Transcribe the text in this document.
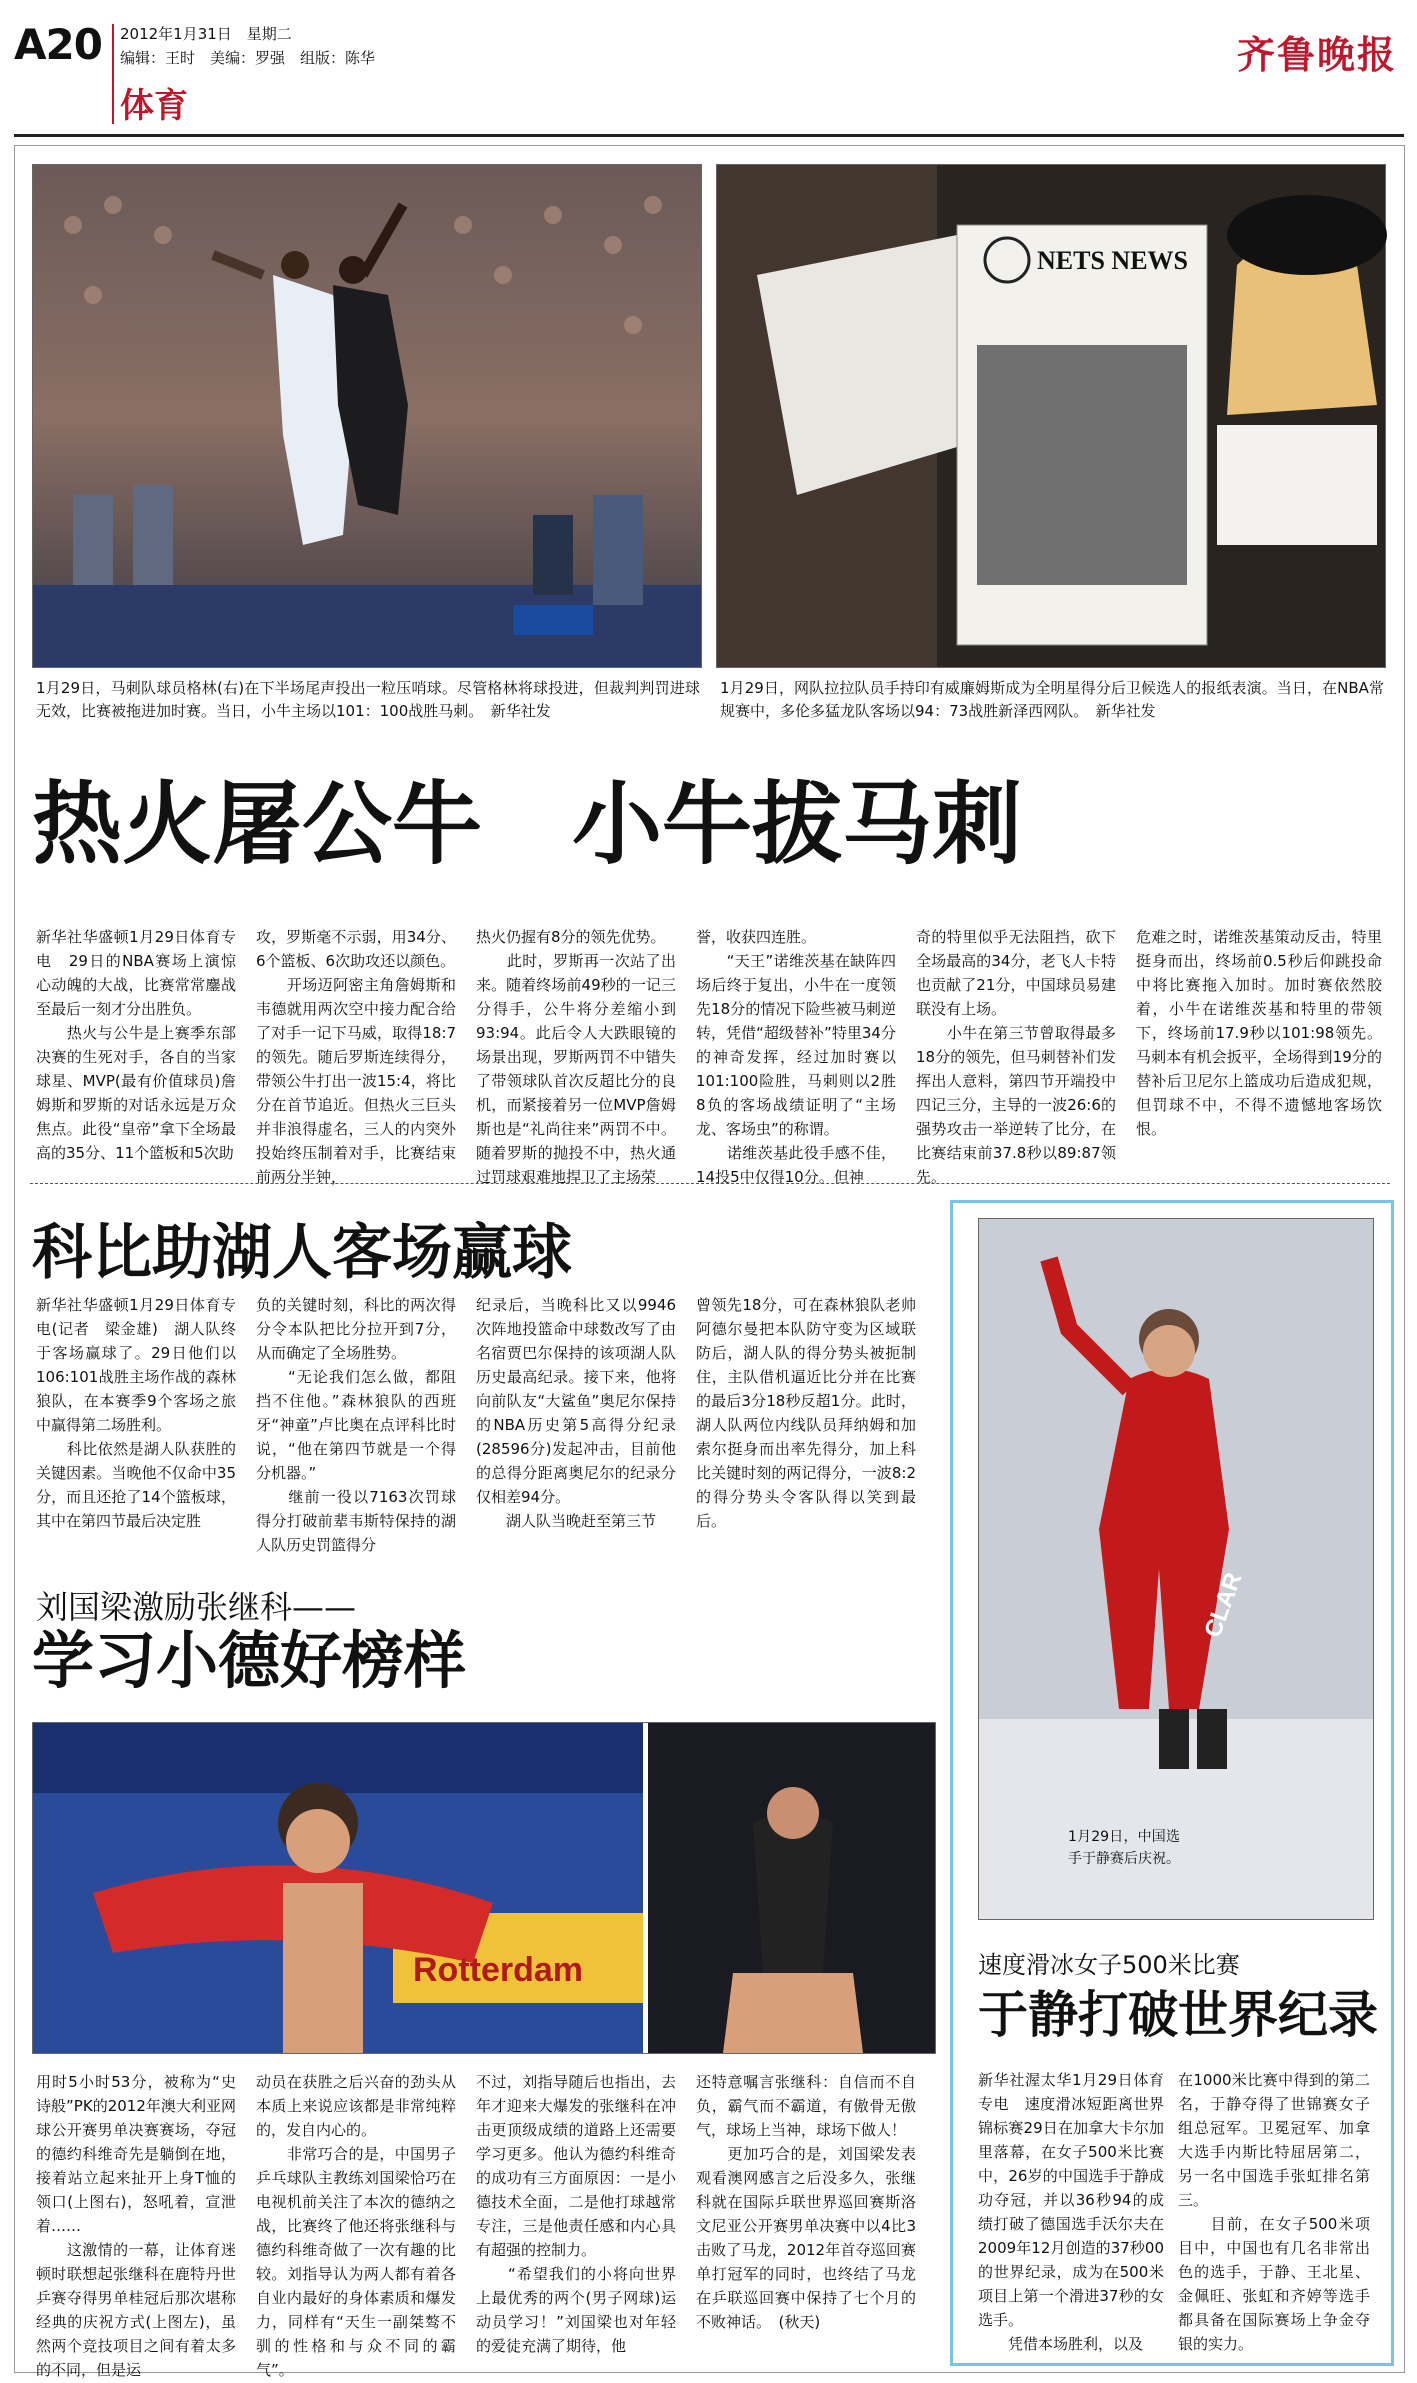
A20 2012年1月31日　星期二
编辑：王时　美编：罗强　组版：陈华
体育
齐鲁晚报
NETS NEWS
1月29日，马刺队球员格林(右)在下半场尾声投出一粒压哨球。尽管格林将球投进，但裁判判罚进球无效，比赛被拖进加时赛。当日，小牛主场以101：100战胜马刺。　新华社发
1月29日，网队拉拉队员手持印有威廉姆斯成为全明星得分后卫候选人的报纸表演。当日，在NBA常规赛中，多伦多猛龙队客场以94：73战胜新泽西网队。　新华社发
热火屠公牛　小牛拔马刺
新华社华盛顿1月29日体育专电　29日的NBA赛场上演惊心动魄的大战，比赛常常鏖战至最后一刻才分出胜负。
　　热火与公牛是上赛季东部决赛的生死对手，各自的当家球星、MVP(最有价值球员)詹姆斯和罗斯的对话永远是万众焦点。此役“皇帝”拿下全场最高的35分、11个篮板和5次助
攻，罗斯毫不示弱，用34分、6个篮板、6次助攻还以颜色。
　　开场迈阿密主角詹姆斯和韦德就用两次空中接力配合给了对手一记下马威，取得18:7的领先。随后罗斯连续得分，带领公牛打出一波15:4，将比分在首节追近。但热火三巨头并非浪得虚名，三人的内突外投始终压制着对手，比赛结束前两分半钟，
热火仍握有8分的领先优势。
　　此时，罗斯再一次站了出来。随着终场前49秒的一记三分得手，公牛将分差缩小到93:94。此后令人大跌眼镜的场景出现，罗斯两罚不中错失了带领球队首次反超比分的良机，而紧接着另一位MVP詹姆斯也是“礼尚往来”两罚不中。随着罗斯的抛投不中，热火通过罚球艰难地捍卫了主场荣
誉，收获四连胜。
　　“天王”诺维茨基在缺阵四场后终于复出，小牛在一度领先18分的情况下险些被马刺逆转，凭借“超级替补”特里34分的神奇发挥，经过加时赛以101:100险胜，马刺则以2胜8负的客场战绩证明了“主场龙、客场虫”的称谓。
　　诺维茨基此役手感不佳，14投5中仅得10分。但神
奇的特里似乎无法阻挡，砍下全场最高的34分，老飞人卡特也贡献了21分，中国球员易建联没有上场。
　　小牛在第三节曾取得最多18分的领先，但马刺替补们发挥出人意料，第四节开端投中四记三分，主导的一波26:6的强势攻击一举逆转了比分，在比赛结束前37.8秒以89:87领先。
危难之时，诺维茨基策动反击，特里挺身而出，终场前0.5秒后仰跳投命中将比赛拖入加时。加时赛依然胶着，小牛在诺维茨基和特里的带领下，终场前17.9秒以101:98领先。马刺本有机会扳平，全场得到19分的替补后卫尼尔上篮成功后造成犯规，但罚球不中，不得不遗憾地客场饮恨。
科比助湖人客场赢球
新华社华盛顿1月29日体育专电(记者　梁金雄)　湖人队终于客场赢球了。29日他们以106:101战胜主场作战的森林狼队，在本赛季9个客场之旅中赢得第二场胜利。
　　科比依然是湖人队获胜的关键因素。当晚他不仅命中35分，而且还抢了14个篮板球，其中在第四节最后决定胜
负的关键时刻，科比的两次得分令本队把比分拉开到7分，从而确定了全场胜势。
　　“无论我们怎么做，都阻挡不住他。”森林狼队的西班牙“神童”卢比奥在点评科比时说，“他在第四节就是一个得分机器。”
　　继前一役以7163次罚球得分打破前辈韦斯特保持的湖人队历史罚篮得分
纪录后，当晚科比又以9946次阵地投篮命中球数改写了由名宿贾巴尔保持的该项湖人队历史最高纪录。接下来，他将向前队友“大鲨鱼”奥尼尔保持的NBA历史第5高得分纪录(28596分)发起冲击，目前他的总得分距离奥尼尔的纪录分仅相差94分。
　　湖人队当晚赶至第三节
曾领先18分，可在森林狼队老帅阿德尔曼把本队防守变为区域联防后，湖人队的得分势头被扼制住，主队借机逼近比分并在比赛的最后3分18秒反超1分。此时，湖人队两位内线队员拜纳姆和加索尔挺身而出率先得分，加上科比关键时刻的两记得分，一波8:2的得分势头令客队得以笑到最后。
刘国梁激励张继科——
学习小德好榜样
Rotterdam
用时5小时53分，被称为“史诗般”PK的2012年澳大利亚网球公开赛男单决赛赛场，夺冠的德约科维奇先是躺倒在地，接着站立起来扯开上身T恤的领口(上图右)，怒吼着，宣泄着……
　　这激情的一幕，让体育迷顿时联想起张继科在鹿特丹世乒赛夺得男单桂冠后那次堪称经典的庆祝方式(上图左)，虽然两个竞技项目之间有着太多的不同，但是运
动员在获胜之后兴奋的劲头从本质上来说应该都是非常纯粹的，发自内心的。
　　非常巧合的是，中国男子乒乓球队主教练刘国梁恰巧在电视机前关注了本次的德纳之战，比赛终了他还将张继科与德约科维奇做了一次有趣的比较。刘指导认为两人都有着各自业内最好的身体素质和爆发力，同样有“天生一副桀骜不驯的性格和与众不同的霸气”。
不过，刘指导随后也指出，去年才迎来大爆发的张继科在冲击更顶级成绩的道路上还需要学习更多。他认为德约科维奇的成功有三方面原因：一是小德技术全面，二是他打球越常专注，三是他责任感和内心具有超强的控制力。
　　“希望我们的小将向世界上最优秀的两个(男子网球)运动员学习！”刘国梁也对年轻的爱徒充满了期待，他
还特意嘱言张继科：自信而不自负，霸气而不霸道，有傲骨无傲气，球场上当神，球场下做人！
　　更加巧合的是，刘国梁发表观看澳网感言之后没多久，张继科就在国际乒联世界巡回赛斯洛文尼亚公开赛男单决赛中以4比3击败了马龙，2012年首夺巡回赛单打冠军的同时，也终结了马龙在乒联巡回赛中保持了七个月的不败神话。　(秋天)
CLAR
1月29日，中国选手于静赛后庆祝。
速度滑冰女子500米比赛
于静打破世界纪录
新华社渥太华1月29日体育专电　速度滑冰短距离世界锦标赛29日在加拿大卡尔加里落幕，在女子500米比赛中，26岁的中国选手于静成功夺冠，并以36秒94的成绩打破了德国选手沃尔夫在2009年12月创造的37秒00的世界纪录，成为在500米项目上第一个滑进37秒的女选手。
　　凭借本场胜利，以及
在1000米比赛中得到的第二名，于静夺得了世锦赛女子组总冠军。卫冕冠军、加拿大选手内斯比特屈居第二，另一名中国选手张虹排名第三。
　　目前，在女子500米项目中，中国也有几名非常出色的选手，于静、王北星、金佩旺、张虹和齐婷等选手都具备在国际赛场上争金夺银的实力。
